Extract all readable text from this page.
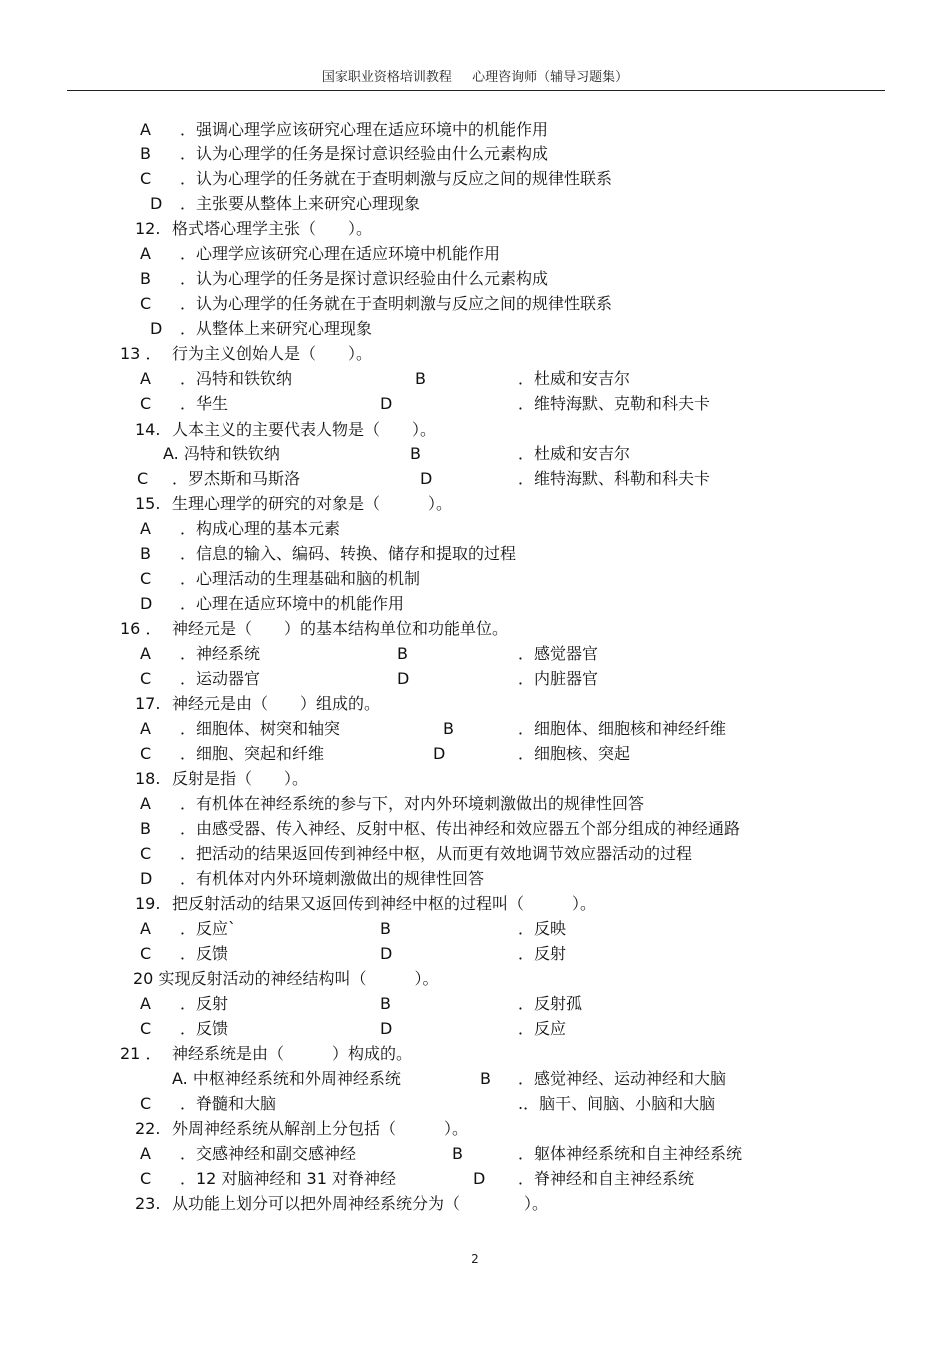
国家职业资格培训教程 心理咨询师（辅导习题集）
A ．强调心理学应该研究心理在适应环境中的机能作用
B ．认为心理学的任务是探讨意识经验由什么元素构成
C ．认为心理学的任务就在于查明刺激与反应之间的规律性联系
D ．主张要从整体上来研究心理现象
12. 格式塔心理学主张（　　）。
A ．心理学应该研究心理在适应环境中机能作用
B ．认为心理学的任务是探讨意识经验由什么元素构成
C ．认为心理学的任务就在于查明刺激与反应之间的规律性联系
D ．从整体上来研究心理现象
13 ． 行为主义创始人是（　　）。
A ．冯特和铁钦纳	B	．杜威和安吉尔
C ．华生	D	．维特海默、克勒和科夫卡
14. 人本主义的主要代表人物是（　　）。
A. 冯特和铁钦纳	B	．杜威和安吉尔
C ．罗杰斯和马斯洛	D	．维特海默、科勒和科夫卡
15. 生理心理学的研究的对象是（　　　）。
A ．构成心理的基本元素
B ．信息的输入、编码、转换、储存和提取的过程
C ．心理活动的生理基础和脑的机制
D ．心理在适应环境中的机能作用
16 ． 神经元是（　　）的基本结构单位和功能单位。
A ．神经系统	B	．感觉器官
C ．运动器官	D	．内脏器官
17. 神经元是由（　　）组成的。
A ．细胞体、树突和轴突	B	．细胞体、细胞核和神经纤维
C ．细胞、突起和纤维	D	．细胞核、突起
18. 反射是指（　　）。
A ．有机体在神经系统的参与下，对内外环境刺激做出的规律性回答
B ．由感受器、传入神经、反射中枢、传出神经和效应器五个部分组成的神经通路
C ．把活动的结果返回传到神经中枢，从而更有效地调节效应器活动的过程
D ．有机体对内外环境刺激做出的规律性回答
19. 把反射活动的结果又返回传到神经中枢的过程叫（　　　）。
A ．反应`	B	．反映
C ．反馈	D	．反射
20 实现反射活动的神经结构叫（　　　）。
A ．反射	B	．反射孤
C ．反馈	D	．反应
21 ． 神经系统是由（　　　）构成的。
A. 中枢神经系统和外周神经系统	B ．感觉神经、运动神经和大脑
C ．脊髓和大脑	.．脑干、间脑、小脑和大脑
22. 外周神经系统从解剖上分包括（　　　）。
A ．交感神经和副交感神经	B	．躯体神经系统和自主神经系统
C ．12 对脑神经和 31 对脊神经	D ．脊神经和自主神经系统
23. 从功能上划分可以把外周神经系统分为（　　　　）。
2
